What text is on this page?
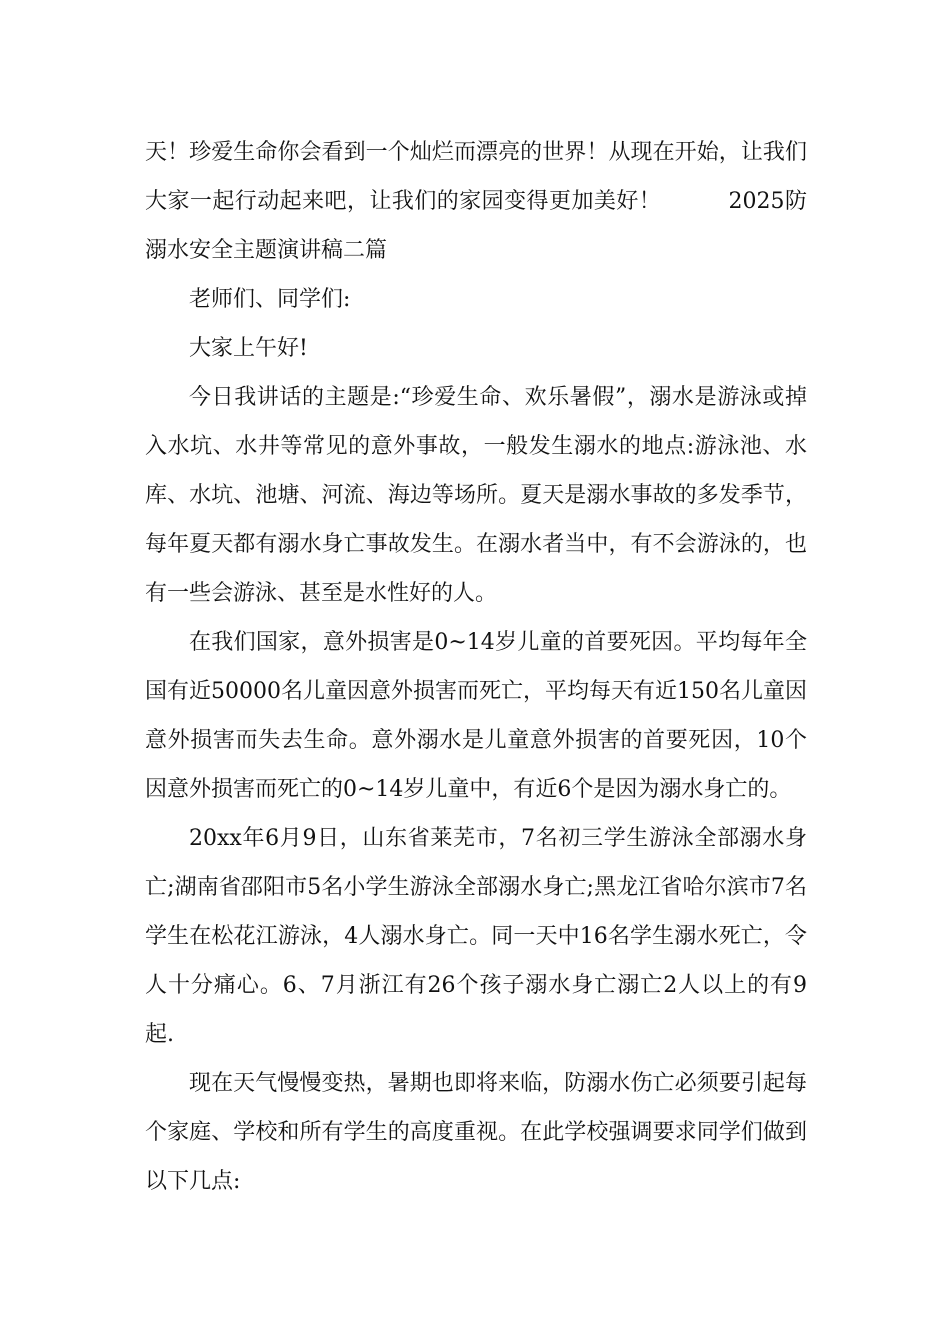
天！珍爱生命你会看到一个灿烂而漂亮的世界！从现在开始，让我们大家一起行动起来吧，让我们的家园变得更加美好！　　　2025防溺水安全主题演讲稿二篇

老师们、同学们:

大家上午好!

今日我讲话的主题是:“珍爱生命、欢乐暑假”，溺水是游泳或掉入水坑、水井等常见的意外事故，一般发生溺水的地点:游泳池、水库、水坑、池塘、河流、海边等场所。夏天是溺水事故的多发季节，每年夏天都有溺水身亡事故发生。在溺水者当中，有不会游泳的，也有一些会游泳、甚至是水性好的人。

在我们国家，意外损害是0~14岁儿童的首要死因。平均每年全国有近50000名儿童因意外损害而死亡，平均每天有近150名儿童因意外损害而失去生命。意外溺水是儿童意外损害的首要死因，10个因意外损害而死亡的0~14岁儿童中，有近6个是因为溺水身亡的。

20xx年6月9日，山东省莱芜市，7名初三学生游泳全部溺水身亡;湖南省邵阳市5名小学生游泳全部溺水身亡;黑龙江省哈尔滨市7名学生在松花江游泳，4人溺水身亡。同一天中16名学生溺水死亡，令人十分痛心。6、7月浙江有26个孩子溺水身亡溺亡2人以上的有9起.

现在天气慢慢变热，暑期也即将来临，防溺水伤亡必须要引起每个家庭、学校和所有学生的高度重视。在此学校强调要求同学们做到以下几点:
